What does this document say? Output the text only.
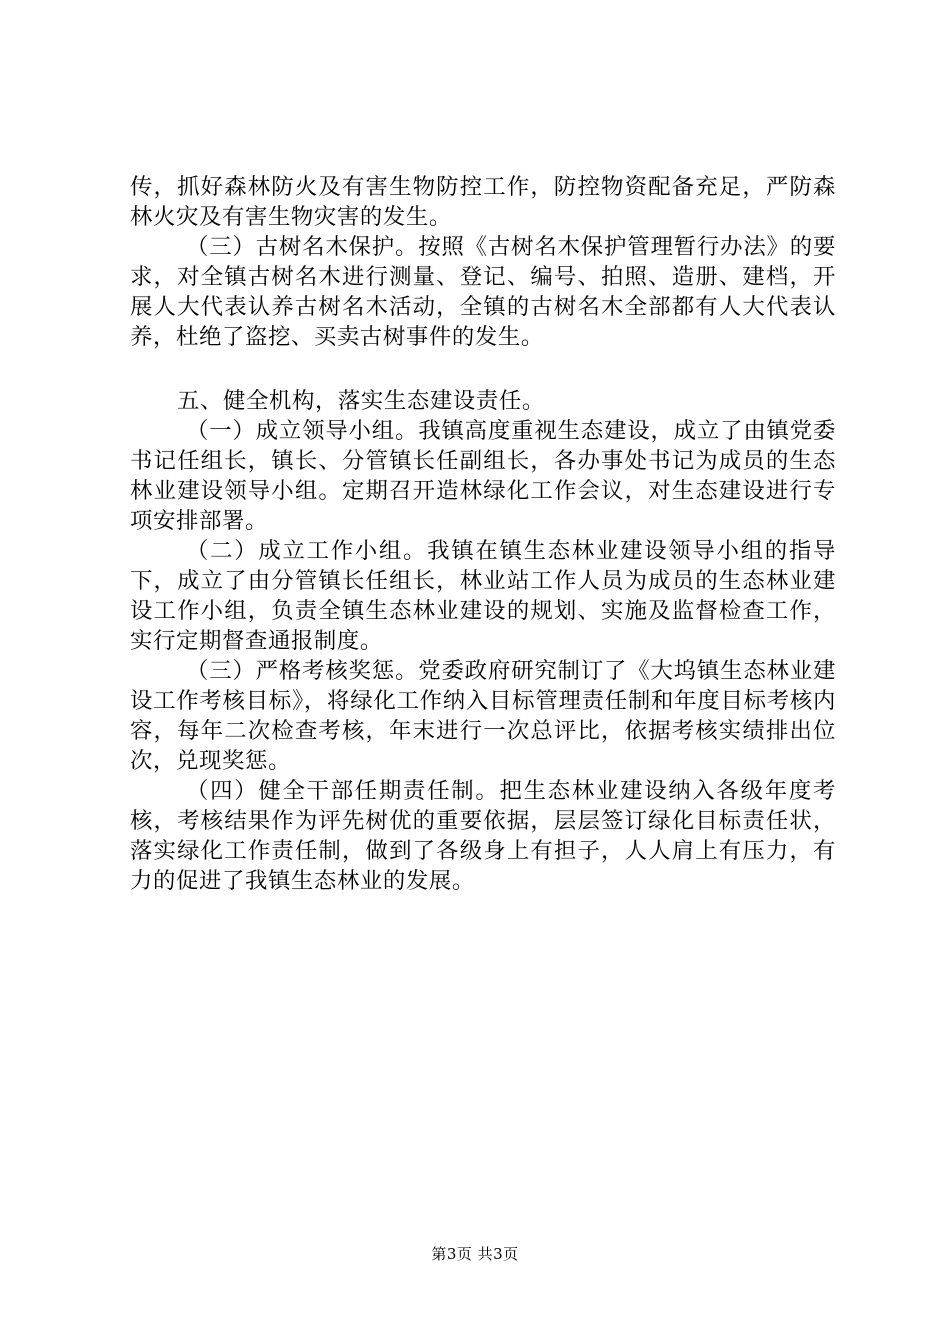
传，抓好森林防火及有害生物防控工作，防控物资配备充足，严防森林火灾及有害生物灾害的发生。

（三）古树名木保护。按照《古树名木保护管理暂行办法》的要求，对全镇古树名木进行测量、登记、编号、拍照、造册、建档，开展人大代表认养古树名木活动，全镇的古树名木全部都有人大代表认养，杜绝了盗挖、买卖古树事件的发生。

五、健全机构，落实生态建设责任。

（一）成立领导小组。我镇高度重视生态建设，成立了由镇党委书记任组长，镇长、分管镇长任副组长，各办事处书记为成员的生态林业建设领导小组。定期召开造林绿化工作会议，对生态建设进行专项安排部署。

（二）成立工作小组。我镇在镇生态林业建设领导小组的指导下，成立了由分管镇长任组长，林业站工作人员为成员的生态林业建设工作小组，负责全镇生态林业建设的规划、实施及监督检查工作，实行定期督查通报制度。

（三）严格考核奖惩。党委政府研究制订了《大坞镇生态林业建设工作考核目标》，将绿化工作纳入目标管理责任制和年度目标考核内容，每年二次检查考核，年末进行一次总评比，依据考核实绩排出位次，兑现奖惩。

（四）健全干部任期责任制。把生态林业建设纳入各级年度考核，考核结果作为评先树优的重要依据，层层签订绿化目标责任状，落实绿化工作责任制，做到了各级身上有担子，人人肩上有压力，有力的促进了我镇生态林业的发展。

第3页 共3页
